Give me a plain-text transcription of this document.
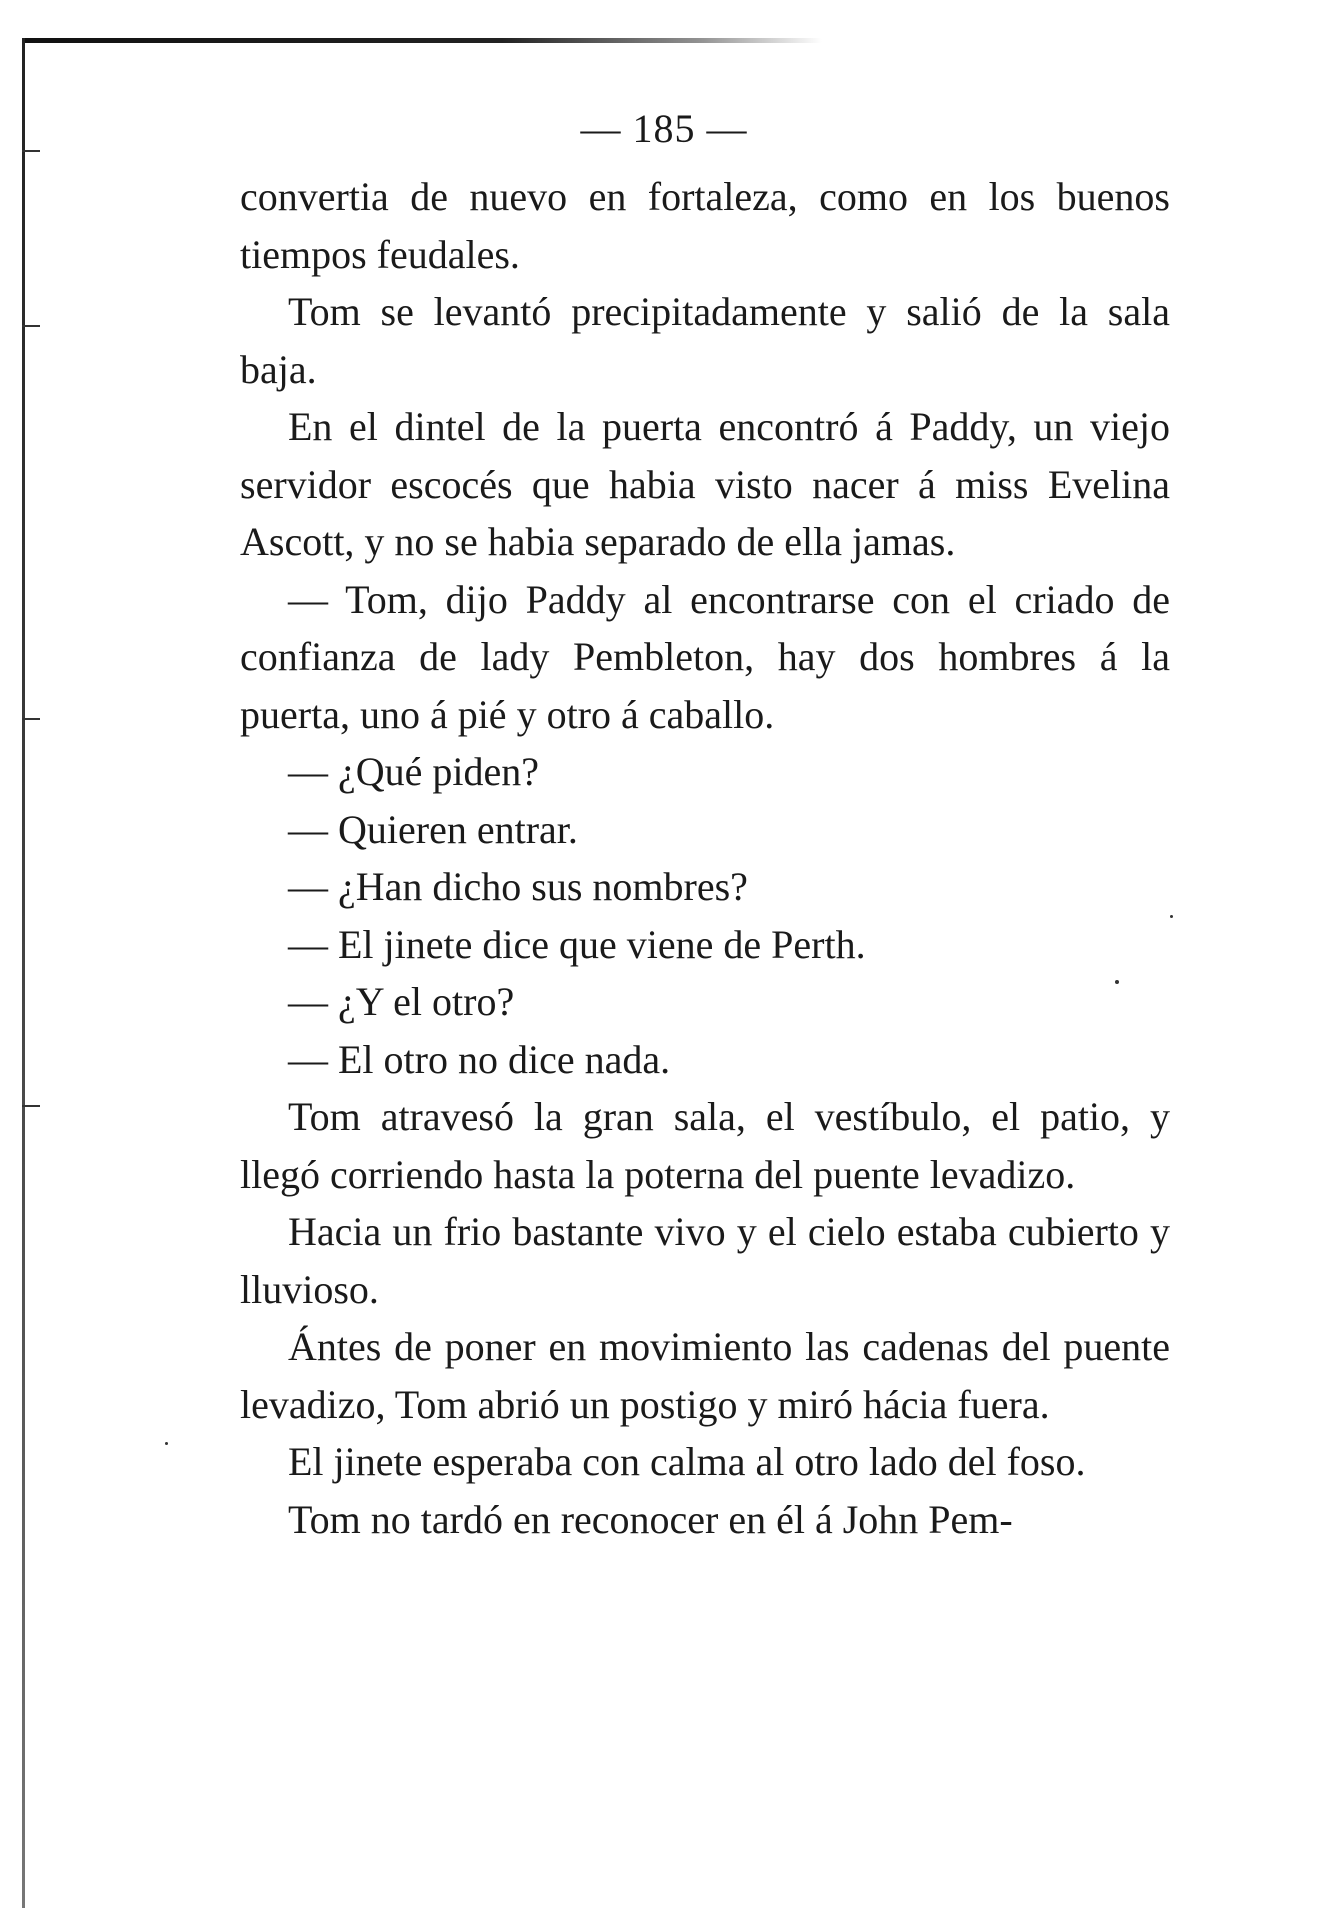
— 185 —

convertia de nuevo en fortaleza, como en los buenos tiempos feudales.

Tom se levantó precipitadamente y salió de la sala baja.

En el dintel de la puerta encontró á Paddy, un viejo servidor escocés que habia visto nacer á miss Evelina Ascott, y no se habia separado de ella jamas.

— Tom, dijo Paddy al encontrarse con el criado de confianza de lady Pembleton, hay dos hombres á la puerta, uno á pié y otro á caballo.

— ¿Qué piden?

— Quieren entrar.

— ¿Han dicho sus nombres?

— El jinete dice que viene de Perth.

— ¿Y el otro?

— El otro no dice nada.

Tom atravesó la gran sala, el vestíbulo, el patio, y llegó corriendo hasta la poterna del puente levadizo.

Hacia un frio bastante vivo y el cielo estaba cubierto y lluvioso.

Ántes de poner en movimiento las cadenas del puente levadizo, Tom abrió un postigo y miró hácia fuera.

El jinete esperaba con calma al otro lado del foso.

Tom no tardó en reconocer en él á John Pem-
